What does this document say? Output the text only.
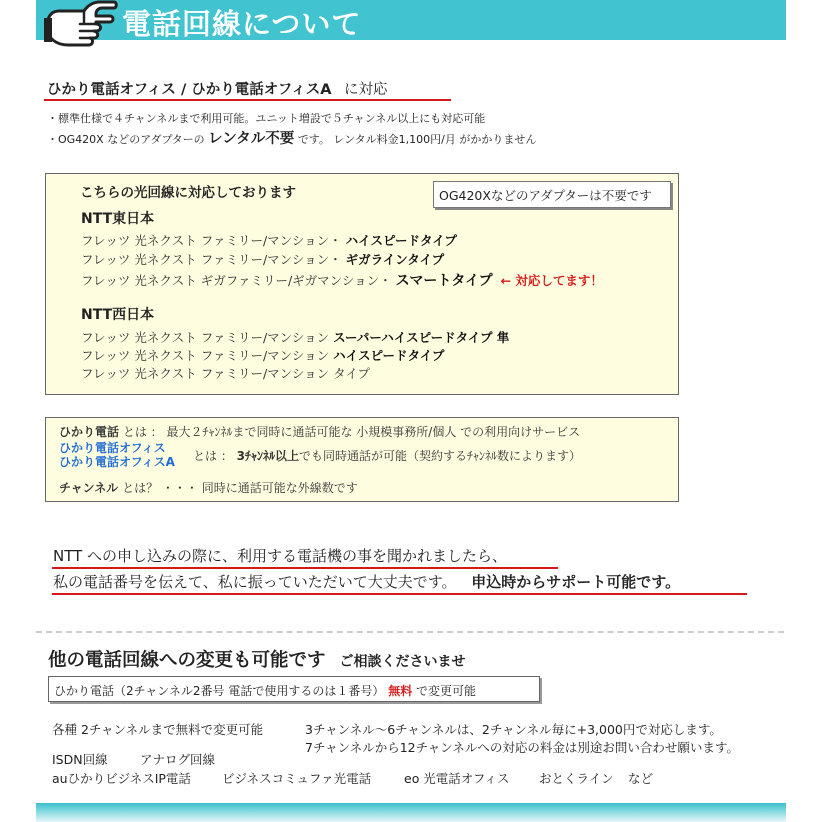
電話回線について
ひかり電話オフィス / ひかり電話オフィスA に対応
・標準仕様で４チャンネルまで利用可能。ユニット増設で５チャンネル以上にも対応可能
・OG420X などのアダプターの レンタル不要 です。 レンタル料金1,100円/月 がかかりません
こちらの光回線に対応しております	OG420Xなどのアダプターは不要です
NTT東日本
フレッツ 光ネクスト ファミリー/マンション・ ハイスピードタイプ
フレッツ 光ネクスト ファミリー/マンション・ ギガラインタイプ
フレッツ 光ネクスト ギガファミリー/ギガマンション・ スマートタイプ ← 対応してます！
NTT西日本
フレッツ 光ネクスト ファミリー/マンション スーパーハイスピードタイプ 隼
フレッツ 光ネクスト ファミリー/マンション ハイスピードタイプ
フレッツ 光ネクスト ファミリー/マンション タイプ
ひかり電話 とは ： 最大２ﾁｬﾝﾈﾙまで同時に通話可能な 小規模事務所/個人 での利用向けサービス
ひかり電話オフィス
ひかり電話オフィスA とは ： 3ﾁｬﾝﾈﾙ以上でも同時通話が可能（契約するﾁｬﾝﾈﾙ数によります）
チャンネル とは？ ・・・ 同時に通話可能な外線数です
NTT への申し込みの際に、利用する電話機の事を聞かれましたら、
私の電話番号を伝えて、私に振っていただいて大丈夫です。 申込時からサポート可能です。
他の電話回線への変更も可能です ご相談くださいませ
ひかり電話（2チャンネル2番号 電話で使用するのは１番号） 無料 で変更可能
各種 2チャンネルまで無料で変更可能	3チャンネル～6チャンネルは、2チャンネル毎に+3,000円で対応します。
7チャンネルから12チャンネルへの対応の料金は別途お問い合わせ願います。
ISDN回線	アナログ回線
auひかりビジネスIP電話 ビジネスコミュファ光電話	eo 光電話オフィス おとくライン など
